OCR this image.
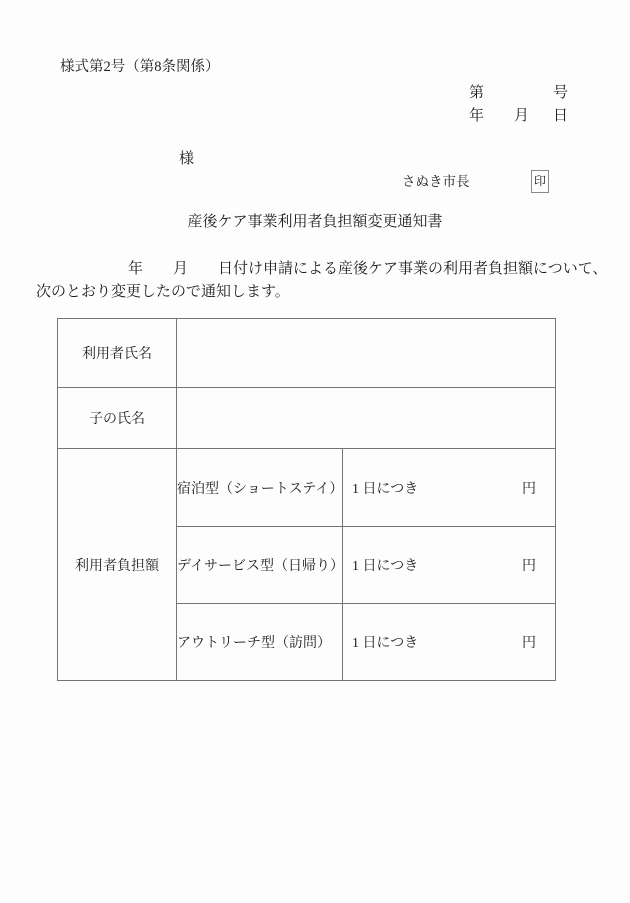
様式第2号（第8条関係）
第	号
年 月 日
様
さぬき市長	印
産後ケア事業利用者負担額変更通知書
年　　月　　日付け申請による産後ケア事業の利用者負担額について、
次のとおり変更したので通知します。
利用者氏名		
子の氏名		
利用者負担額	宿泊型（ショートステイ）	1 日につき 円

	デイサービス型（日帰り）	1 日につき 円

	アウトリーチ型（訪問）	1 日につき 円
